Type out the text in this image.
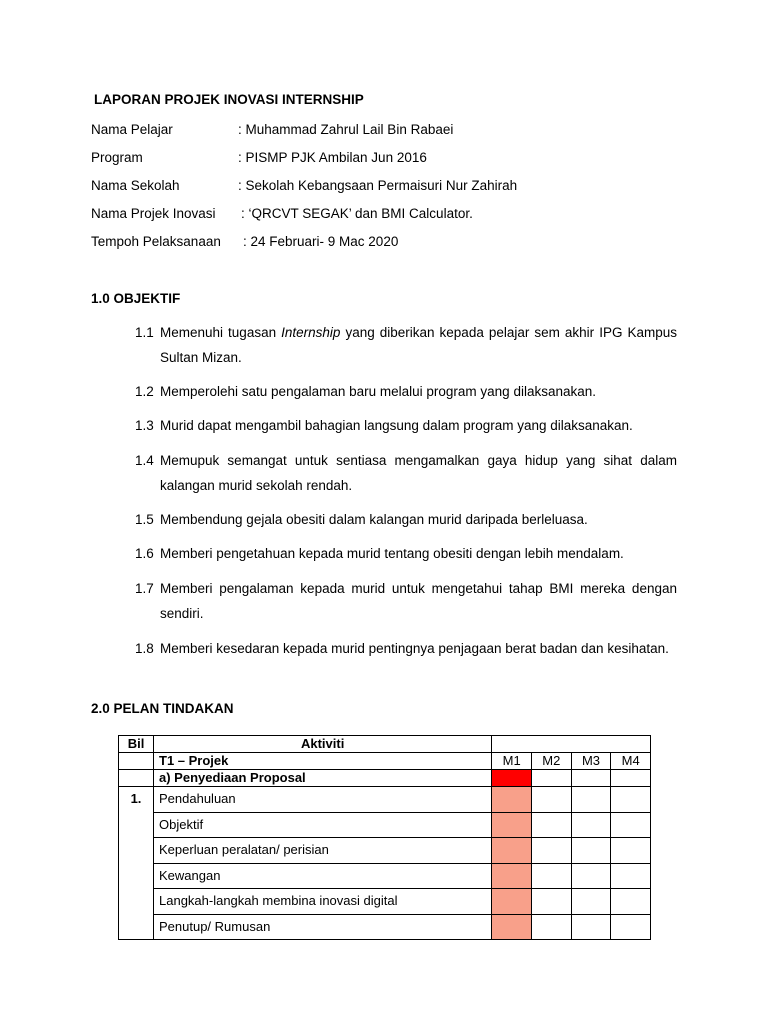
LAPORAN PROJEK INOVASI INTERNSHIP
Nama Pelajar	: Muhammad Zahrul Lail Bin Rabaei
Program	: PISMP PJK Ambilan Jun 2016
Nama Sekolah	: Sekolah Kebangsaan Permaisuri Nur Zahirah
Nama Projek Inovasi : ‘QRCVT SEGAK’ dan BMI Calculator.
Tempoh Pelaksanaan : 24 Februari- 9 Mac 2020
1.0 OBJEKTIF
1.1 Memenuhi tugasan Internship yang diberikan kepada pelajar sem akhir IPG Kampus Sultan Mizan.
1.2 Memperolehi satu pengalaman baru melalui program yang dilaksanakan.
1.3 Murid dapat mengambil bahagian langsung dalam program yang dilaksanakan.
1.4 Memupuk semangat untuk sentiasa mengamalkan gaya hidup yang sihat dalam kalangan murid sekolah rendah.
1.5 Membendung gejala obesiti dalam kalangan murid daripada berleluasa.
1.6 Memberi pengetahuan kepada murid tentang obesiti dengan lebih mendalam.
1.7 Memberi pengalaman kepada murid untuk mengetahui tahap BMI mereka dengan sendiri.
1.8 Memberi kesedaran kepada murid pentingnya penjagaan berat badan dan kesihatan.
2.0 PELAN TINDAKAN
Bil	Aktiviti				
	T1 – Projek	M1	M2	M3	M4
	a) Penyediaan Proposal				
1.	Pendahuluan				
	Objektif				
	Keperluan peralatan/ perisian				
	Kewangan				
	Langkah-langkah membina inovasi digital				
	Penutup/ Rumusan				
